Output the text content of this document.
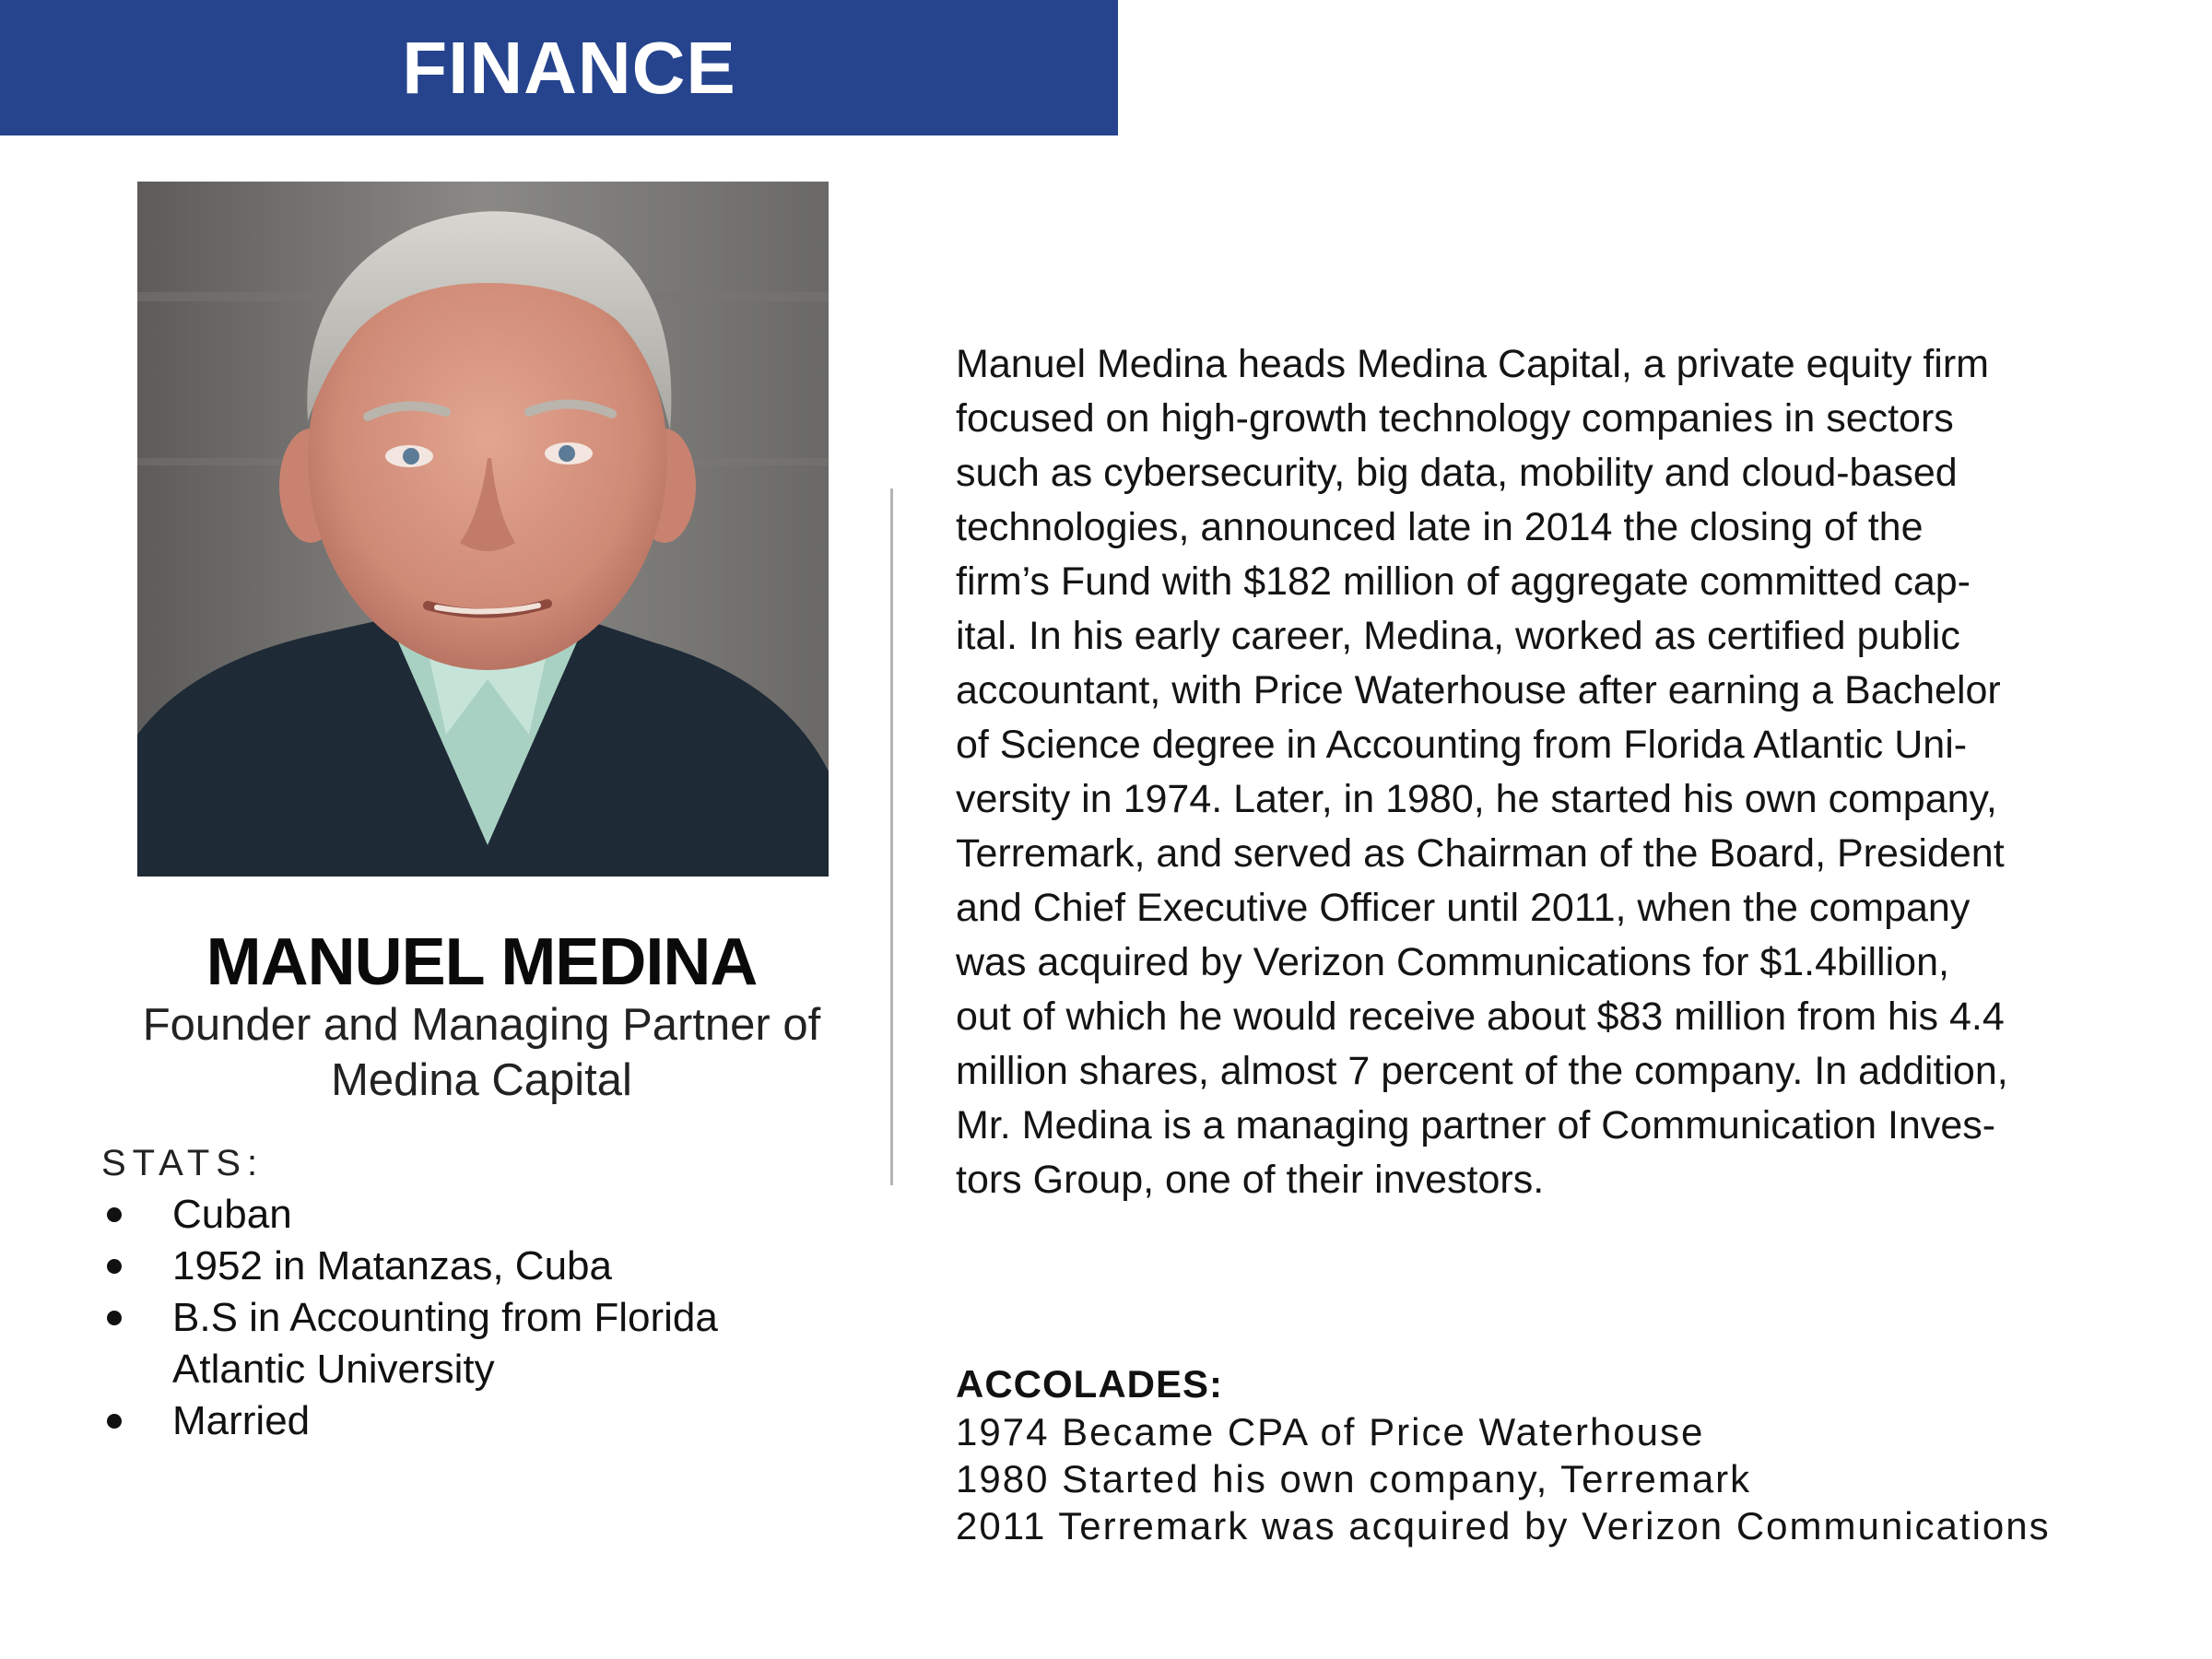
FINANCE
MANUEL MEDINA
Founder and Managing Partner of
Medina Capital
STATS:
Cuban
1952 in Matanzas, Cuba
B.S in Accounting from Florida Atlantic University
Married
Manuel Medina heads Medina Capital, a private equity firm
focused on high-growth technology companies in sectors
such as cybersecurity, big data, mobility and cloud-based
technologies, announced late in 2014 the closing of the
firm’s Fund with $182 million of aggregate committed cap-
ital. In his early career, Medina, worked as certified public
accountant, with Price Waterhouse after earning a Bachelor
of Science degree in Accounting from Florida Atlantic Uni-
versity in 1974. Later, in 1980, he started his own company,
Terremark, and served as Chairman of the Board, President
and Chief Executive Officer until 2011, when the company
was acquired by Verizon Communications for $1.4billion,
out of which he would receive about $83 million from his 4.4
million shares, almost 7 percent of the company. In addition,
Mr. Medina is a managing partner of Communication Inves-
tors Group, one of their investors.
ACCOLADES:
1974 Became CPA of Price Waterhouse
1980 Started his own company, Terremark
2011 Terremark was acquired by Verizon Communications
